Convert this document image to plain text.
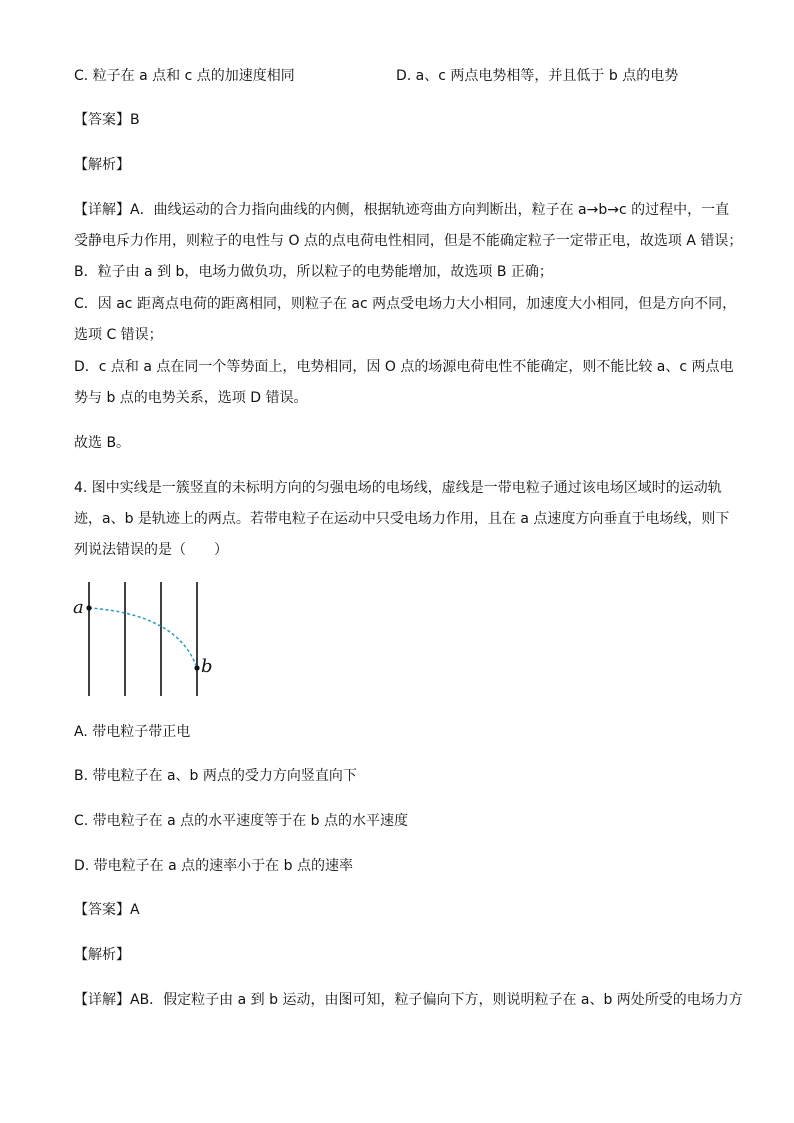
C. 粒子在 a 点和 c 点的加速度相同	D. a、c 两点电势相等，并且低于 b 点的电势
【答案】B
【解析】
【详解】A．曲线运动的合力指向曲线的内侧，根据轨迹弯曲方向判断出，粒子在 a→b→c 的过程中，一直
受静电斥力作用，则粒子的电性与 O 点的点电荷电性相同，但是不能确定粒子一定带正电，故选项 A 错误；
B．粒子由 a 到 b，电场力做负功，所以粒子的电势能增加，故选项 B 正确；
C．因 ac 距离点电荷的距离相同，则粒子在 ac 两点受电场力大小相同，加速度大小相同，但是方向不同，
选项 C 错误；
D．c 点和 a 点在同一个等势面上，电势相同，因 O 点的场源电荷电性不能确定，则不能比较 a、c 两点电
势与 b 点的电势关系，选项 D 错误。
故选 B。
4. 图中实线是一簇竖直的未标明方向的匀强电场的电场线，虚线是一带电粒子通过该电场区域时的运动轨
迹，a、b 是轨迹上的两点。若带电粒子在运动中只受电场力作用，且在 a 点速度方向垂直于电场线，则下
列说法错误的是（　　）
a
b
A. 带电粒子带正电
B. 带电粒子在 a、b 两点的受力方向竖直向下
C. 带电粒子在 a 点的水平速度等于在 b 点的水平速度
D. 带电粒子在 a 点的速率小于在 b 点的速率
【答案】A
【解析】
【详解】AB．假定粒子由 a 到 b 运动，由图可知，粒子偏向下方，则说明粒子在 a、b 两处所受的电场力方
